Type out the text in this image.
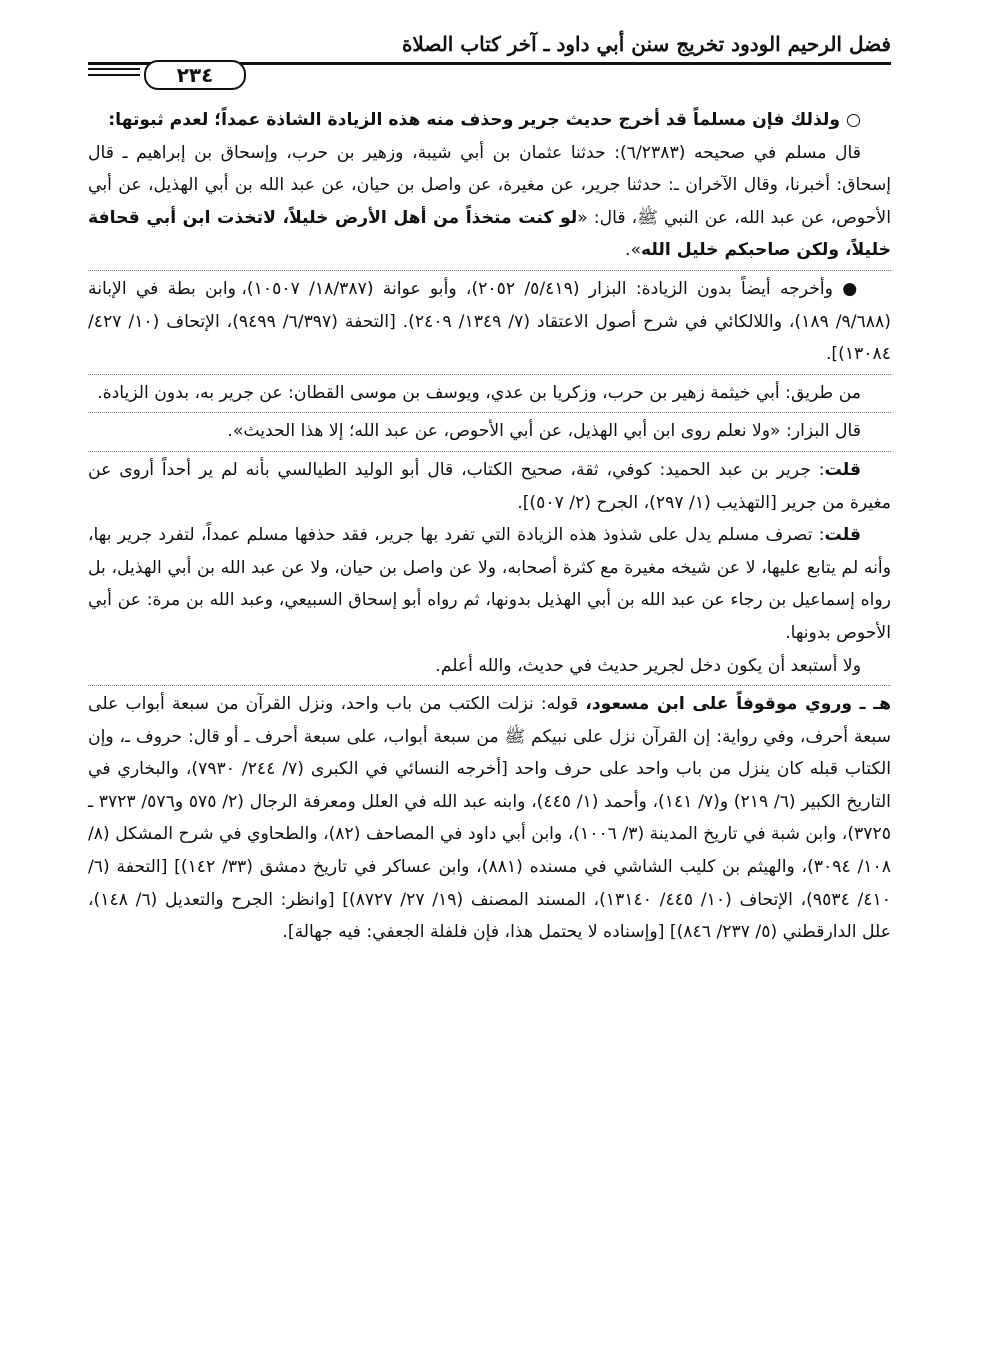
فضل الرحيم الودود تخريج سنن أبي داود ـ آخر كتاب الصلاة
٢٣٤

○ ولذلك فإن مسلماً قد أخرج حديث جرير وحذف منه هذه الزيادة الشاذة عمداً؛ لعدم ثبوتها:

قال مسلم في صحيحه (٦/٢٣٨٣): حدثنا عثمان بن أبي شيبة، وزهير بن حرب، وإسحاق بن إبراهيم ـ قال إسحاق: أخبرنا، وقال الآخران ـ: حدثنا جرير، عن مغيرة، عن واصل بن حيان، عن عبد الله بن أبي الهذيل، عن أبي الأحوص، عن عبد الله، عن النبي ﷺ، قال: «لو كنت متخذاً من أهل الأرض خليلاً، لاتخذت ابن أبي قحافة خليلاً، ولكن صاحبكم خليل الله».

● وأخرجه أيضاً بدون الزيادة: البزار (٥/٤١٩/ ٢٠٥٢)، وأبو عوانة (١٨/٣٨٧/ ١٠٥٠٧)، وابن بطة في الإبانة (٩/٦٨٨/ ١٨٩)، واللالكائي في شرح أصول الاعتقاد (٧/ ١٣٤٩/ ٢٤٠٩). [التحفة (٦/٣٩٧/ ٩٤٩٩)، الإتحاف (١٠/ ٤٢٧/ ١٣٠٨٤)].

من طريق: أبي خيثمة زهير بن حرب، وزكريا بن عدي، ويوسف بن موسى القطان: عن جرير به، بدون الزيادة.

قال البزار: «ولا نعلم روى ابن أبي الهذيل، عن أبي الأحوص، عن عبد الله؛ إلا هذا الحديث».

قلت: جرير بن عبد الحميد: كوفي، ثقة، صحيح الكتاب، قال أبو الوليد الطيالسي بأنه لم ير أحداً أروى عن مغيرة من جرير [التهذيب (١/ ٢٩٧)، الجرح (٢/ ٥٠٧)].

قلت: تصرف مسلم يدل على شذوذ هذه الزيادة التي تفرد بها جرير، فقد حذفها مسلم عمداً، لتفرد جرير بها، وأنه لم يتابع عليها، لا عن شيخه مغيرة مع كثرة أصحابه، ولا عن واصل بن حيان، ولا عن عبد الله بن أبي الهذيل، بل رواه إسماعيل بن رجاء عن عبد الله بن أبي الهذيل بدونها، ثم رواه أبو إسحاق السبيعي، وعبد الله بن مرة: عن أبي الأحوص بدونها.

ولا أستبعد أن يكون دخل لجرير حديث في حديث، والله أعلم.

هـ ـ وروي موقوفاً على ابن مسعود، قوله: نزلت الكتب من باب واحد، ونزل القرآن من سبعة أبواب على سبعة أحرف، وفي رواية: إن القرآن نزل على نبيكم ﷺ من سبعة أبواب، على سبعة أحرف ـ أو قال: حروف ـ، وإن الكتاب قبله كان ينزل من باب واحد على حرف واحد [أخرجه النسائي في الكبرى (٧/ ٢٤٤/ ٧٩٣٠)، والبخاري في التاريخ الكبير (٦/ ٢١٩) و(٧/ ١٤١)، وأحمد (١/ ٤٤٥)، وابنه عبد الله في العلل ومعرفة الرجال (٢/ ٥٧٥ و٥٧٦/ ٣٧٢٣ ـ ٣٧٢٥)، وابن شبة في تاريخ المدينة (٣/ ١٠٠٦)، وابن أبي داود في المصاحف (٨٢)، والطحاوي في شرح المشكل (٨/ ١٠٨/ ٣٠٩٤)، والهيثم بن كليب الشاشي في مسنده (٨٨١)، وابن عساكر في تاريخ دمشق (٣٣/ ١٤٢)] [التحفة (٦/ ٤١٠/ ٩٥٣٤)، الإتحاف (١٠/ ٤٤٥/ ١٣١٤٠)، المسند المصنف (١٩/ ٢٧/ ٨٧٢٧)] [وانظر: الجرح والتعديل (٦/ ١٤٨)، علل الدارقطني (٥/ ٢٣٧/ ٨٤٦)] [وإسناده لا يحتمل هذا، فإن فلفلة الجعفي: فيه جهالة].
